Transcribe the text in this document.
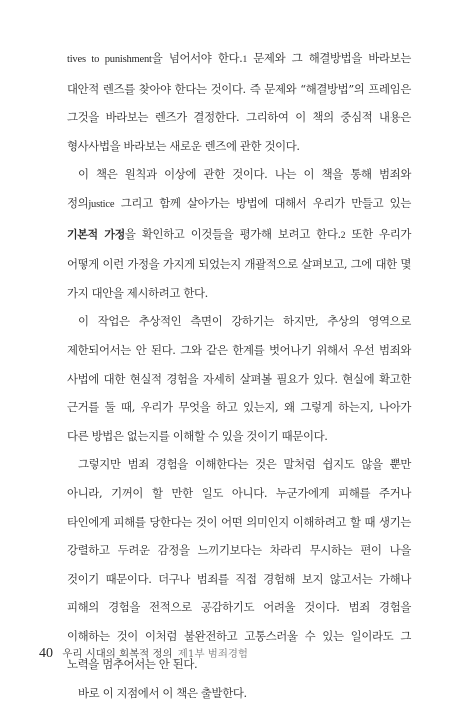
tives to punishment을 넘어서야 한다.1 문제와 그 해결방법을 바라보는 대안적 렌즈를 찾아야 한다는 것이다. 즉 문제와 “해결방법”의 프레임은 그것을 바라보는 렌즈가 결정한다. 그리하여 이 책의 중심적 내용은 형사사법을 바라보는 새로운 렌즈에 관한 것이다.

이 책은 원칙과 이상에 관한 것이다. 나는 이 책을 통해 범죄와 정의justice 그리고 함께 살아가는 방법에 대해서 우리가 만들고 있는 기본적 가정을 확인하고 이것들을 평가해 보려고 한다.2 또한 우리가 어떻게 이런 가정을 가지게 되었는지 개괄적으로 살펴보고, 그에 대한 몇 가지 대안을 제시하려고 한다.

이 작업은 추상적인 측면이 강하기는 하지만, 추상의 영역으로 제한되어서는 안 된다. 그와 같은 한계를 벗어나기 위해서 우선 범죄와 사법에 대한 현실적 경험을 자세히 살펴볼 필요가 있다. 현실에 확고한 근거를 둘 때, 우리가 무엇을 하고 있는지, 왜 그렇게 하는지, 나아가 다른 방법은 없는지를 이해할 수 있을 것이기 때문이다.

그렇지만 범죄 경험을 이해한다는 것은 말처럼 쉽지도 않을 뿐만 아니라, 기꺼이 할 만한 일도 아니다. 누군가에게 피해를 주거나 타인에게 피해를 당한다는 것이 어떤 의미인지 이해하려고 할 때 생기는 강렬하고 두려운 감정을 느끼기보다는 차라리 무시하는 편이 나을 것이기 때문이다. 더구나 범죄를 직접 경험해 보지 않고서는 가해나 피해의 경험을 전적으로 공감하기도 어려울 것이다. 범죄 경험을 이해하는 것이 이처럼 불완전하고 고통스러울 수 있는 일이라도 그 노력을 멈추어서는 안 된다.

바로 이 지점에서 이 책은 출발한다.

40 우리 시대의 회복적 정의_제1부 범죄경험
